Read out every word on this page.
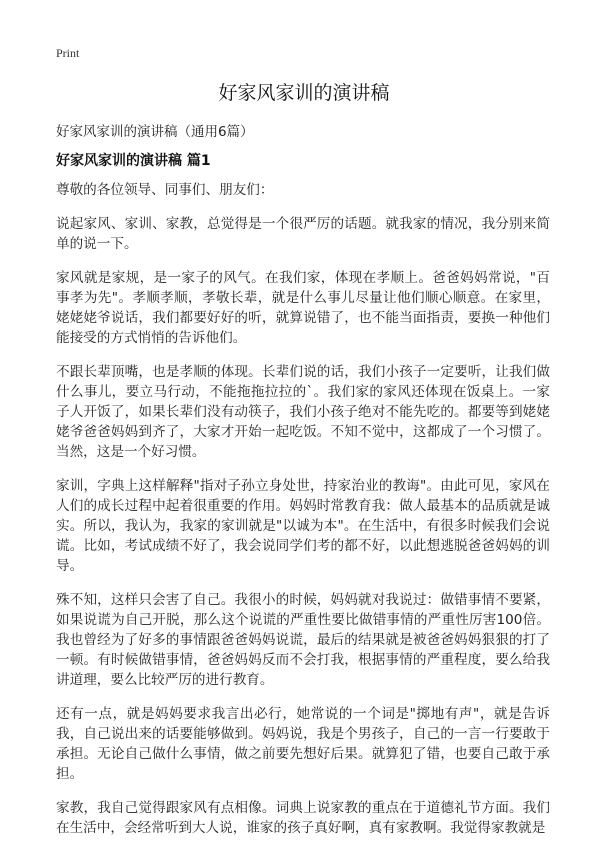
Print
好家风家训的演讲稿
好家风家训的演讲稿（通用6篇）
好家风家训的演讲稿 篇1

尊敬的各位领导、同事们、朋友们：

说起家风、家训、家教，总觉得是一个很严厉的话题。就我家的情况，我分别来简单的说一下。

家风就是家规，是一家子的风气。在我们家，体现在孝顺上。爸爸妈妈常说，"百事孝为先"。孝顺孝顺，孝敬长辈，就是什么事儿尽量让他们顺心顺意。在家里，姥姥姥爷说话，我们都要好好的听，就算说错了，也不能当面指责，要换一种他们能接受的方式悄悄的告诉他们。

不跟长辈顶嘴，也是孝顺的体现。长辈们说的话，我们小孩子一定要听，让我们做什么事儿，要立马行动，不能拖拖拉拉的`。我们家的家风还体现在饭桌上。一家子人开饭了，如果长辈们没有动筷子，我们小孩子绝对不能先吃的。都要等到姥姥姥爷爸爸妈妈到齐了，大家才开始一起吃饭。不知不觉中，这都成了一个习惯了。当然，这是一个好习惯。

家训，字典上这样解释"指对子孙立身处世，持家治业的教诲"。由此可见，家风在人们的成长过程中起着很重要的作用。妈妈时常教育我：做人最基本的品质就是诚实。所以，我认为，我家的家训就是"以诚为本"。在生活中，有很多时候我们会说谎。比如，考试成绩不好了，我会说同学们考的都不好，以此想逃脱爸爸妈妈的训导。

殊不知，这样只会害了自己。我很小的时候，妈妈就对我说过：做错事情不要紧，如果说谎为自己开脱，那么这个说谎的严重性要比做错事情的严重性厉害100倍。我也曾经为了好多的事情跟爸爸妈妈说谎，最后的结果就是被爸爸妈妈狠狠的打了一顿。有时候做错事情，爸爸妈妈反而不会打我，根据事情的严重程度，要么给我讲道理，要么比较严厉的进行教育。

还有一点，就是妈妈要求我言出必行，她常说的一个词是"掷地有声"，就是告诉我，自己说出来的话要能够做到。妈妈说，我是个男孩子，自己的一言一行要敢于承担。无论自己做什么事情，做之前要先想好后果。就算犯了错，也要自己敢于承担。

家教，我自己觉得跟家风有点相像。词典上说家教的重点在于道德礼节方面。我们在生活中，会经常听到大人说，谁家的孩子真好啊，真有家教啊。我觉得家教就是
